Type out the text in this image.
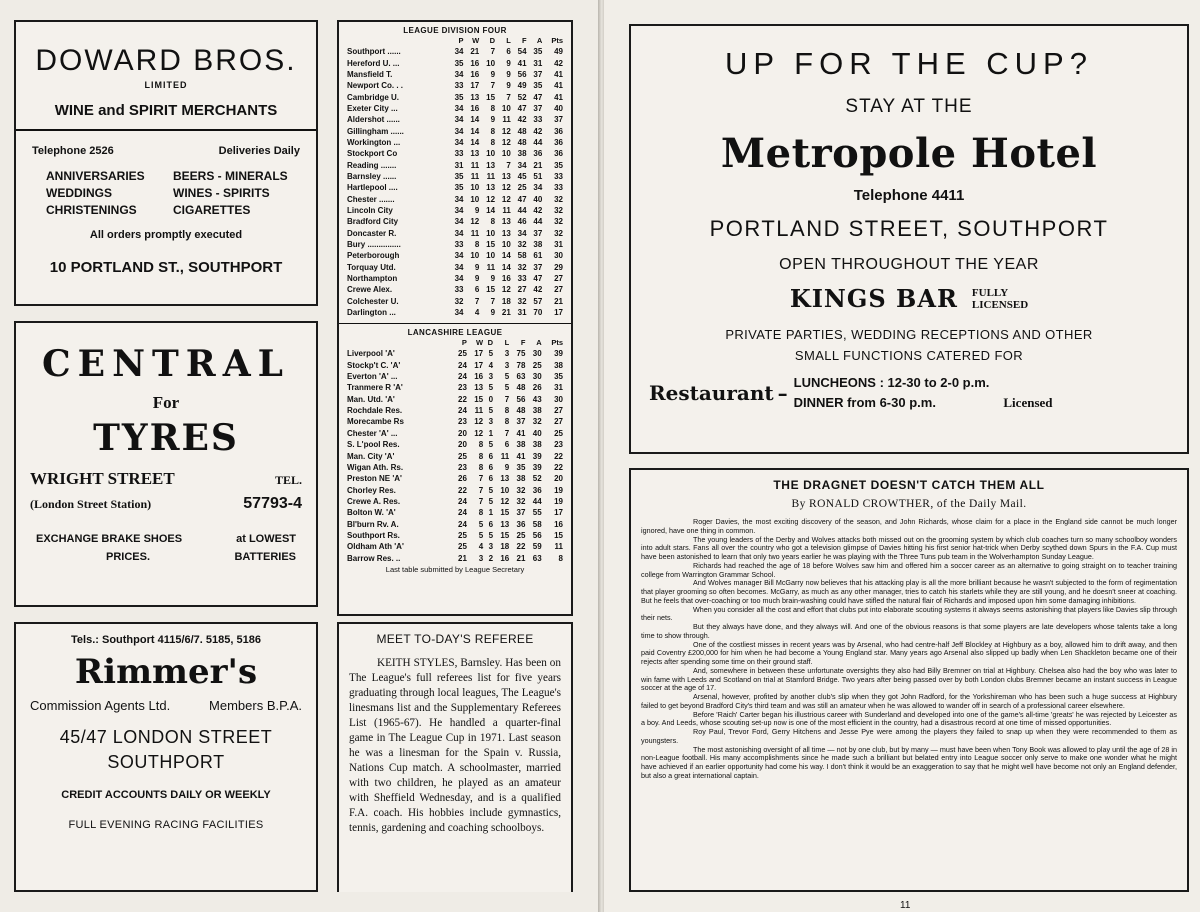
DOWARD BROS.
LIMITED
WINE and SPIRIT MERCHANTS
Telephone 2526	Deliveries Daily
ANNIVERSARIES	BEERS - MINERALS
WEDDINGS	WINES - SPIRITS
CHRISTENINGS	CIGARETTES
All orders promptly executed
10 PORTLAND ST., SOUTHPORT
CENTRAL
For
TYRES
WRIGHT STREET	TEL.
(London Street Station)	57793-4
EXCHANGE BRAKE SHOES	at LOWEST
PRICES.	BATTERIES
Tels.: Southport 4115/6/7. 5185, 5186
Rimmer's
Commission Agents Ltd.	Members B.P.A.
45/47 LONDON STREET
SOUTHPORT
CREDIT ACCOUNTS DAILY OR WEEKLY
FULL EVENING RACING FACILITIES
LEAGUE DIVISION FOUR
	P	W	D	L	F	A	Pts
Southport ......	34	21	7	6	54	35	49
Hereford U. ...	35	16	10	9	41	31	42
Mansfield T.	34	16	9	9	56	37	41
Newport Co. . .	33	17	7	9	49	35	41
Cambridge U.	35	13	15	7	52	47	41
Exeter City ...	34	16	8	10	47	37	40
Aldershot ......	34	14	9	11	42	33	37
Gillingham ......	34	14	8	12	48	42	36
Workington ...	34	14	8	12	48	44	36
Stockport Co	33	13	10	10	38	36	36
Reading .......	31	11	13	7	34	21	35
Barnsley ......	35	11	11	13	45	51	33
Hartlepool ....	35	10	13	12	25	34	33
Chester .......	34	10	12	12	47	40	32
Lincoln City	34	9	14	11	44	42	32
Bradford City	34	12	8	13	46	44	32
Doncaster R.	34	11	10	13	34	37	32
Bury ...............	33	8	15	10	32	38	31
Peterborough	34	10	10	14	58	61	30
Torquay Utd.	34	9	11	14	32	37	29
Northampton	34	9	9	16	33	47	27
Crewe Alex.	33	6	15	12	27	42	27
Colchester U.	32	7	7	18	32	57	21
Darlington ...	34	4	9	21	31	70	17
LANCASHIRE LEAGUE
	P	W	D	L	F	A	Pts
Liverpool 'A'	25	17	5	3	75	30	39
Stockp't C. 'A'	24	17	4	3	78	25	38
Everton 'A' ...	24	16	3	5	63	30	35
Tranmere R 'A'	23	13	5	5	48	26	31
Man. Utd. 'A'	22	15	0	7	56	43	30
Rochdale Res.	24	11	5	8	48	38	27
Morecambe Rs	23	12	3	8	37	32	27
Chester 'A' ...	20	12	1	7	41	40	25
S. L'pool Res.	20	8	5	6	38	38	23
Man. City 'A'	25	8	6	11	41	39	22
Wigan Ath. Rs.	23	8	6	9	35	39	22
Preston NE 'A'	26	7	6	13	38	52	20
Chorley Res.	22	7	5	10	32	36	19
Crewe A. Res.	24	7	5	12	32	44	19
Bolton W. 'A'	24	8	1	15	37	55	17
Bl'burn Rv. A.	24	5	6	13	36	58	16
Southport Rs.	25	5	5	15	25	56	15
Oldham Ath 'A'	25	4	3	18	22	59	11
Barrow Res. ..	21	3	2	16	21	63	8
Last table submitted by League Secretary
MEET TO-DAY'S REFEREE
KEITH STYLES, Barnsley. Has been on The League's full referees list for five years graduating through local leagues, The League's linesmans list and the Supplementary Referees List (1965-67). He handled a quarter-final game in The League Cup in 1971. Last season he was a linesman for the Spain v. Russia, Nations Cup match. A schoolmaster, married with two children, he played as an amateur with Sheffield Wednesday, and is a qualified F.A. coach. His hobbies include gymnastics, tennis, gardening and coaching schoolboys.
UP FOR THE CUP?
STAY AT THE
Metropole Hotel
Telephone 4411
PORTLAND STREET, SOUTHPORT
OPEN THROUGHOUT THE YEAR
KINGS BAR FULLY
LICENSED
PRIVATE PARTIES, WEDDING RECEPTIONS AND OTHER
SMALL FUNCTIONS CATERED FOR
Restaurant – LUNCHEONS : 12-30 to 2-0 p.m.
DINNER from 6-30 p.m.	Licensed
THE DRAGNET DOESN'T CATCH THEM ALL
By RONALD CROWTHER, of the Daily Mail.

Roger Davies, the most exciting discovery of the season, and John Richards, whose claim for a place in the England side cannot be much longer ignored, have one thing in common.

The young leaders of the Derby and Wolves attacks both missed out on the grooming system by which club coaches turn so many schoolboy wonders into adult stars. Fans all over the country who got a television glimpse of Davies hitting his first senior hat-trick when Derby scythed down Spurs in the F.A. Cup must have been astonished to learn that only two years earlier he was playing with the Three Tuns pub team in the Wolverhampton Sunday League.

Richards had reached the age of 18 before Wolves saw him and offered him a soccer career as an alternative to going straight on to teacher training college from Warrington Grammar School.

And Wolves manager Bill McGarry now believes that his attacking play is all the more brilliant because he wasn't subjected to the form of regimentation that player grooming so often becomes. McGarry, as much as any other manager, tries to catch his starlets while they are still young, and he doesn't sneer at coaching. But he feels that over-coaching or too much brain-washing could have stifled the natural flair of Richards and imposed upon him some damaging inhibitions.

When you consider all the cost and effort that clubs put into elaborate scouting systems it always seems astonishing that players like Davies slip through their nets.

But they always have done, and they always will. And one of the obvious reasons is that some players are late developers whose talents take a long time to show through.

One of the costliest misses in recent years was by Arsenal, who had centre-half Jeff Blockley at Highbury as a boy, allowed him to drift away, and then paid Coventry £200,000 for him when he had become a Young England star. Many years ago Arsenal also slipped up badly when Len Shackleton became one of their rejects after spending some time on their ground staff.

And, somewhere in between these unfortunate oversights they also had Billy Bremner on trial at Highbury. Chelsea also had the boy who was later to win fame with Leeds and Scotland on trial at Stamford Bridge. Two years after being passed over by both London clubs Bremner became an instant success in League soccer at the age of 17.

Arsenal, however, profited by another club's slip when they got John Radford, for the Yorkshireman who has been such a huge success at Highbury failed to get beyond Bradford City's third team and was still an amateur when he was allowed to wander off in search of a professional career elsewhere.

Before 'Raich' Carter began his illustrious career with Sunderland and developed into one of the game's all-time 'greats' he was rejected by Leicester as a boy. And Leeds, whose scouting set-up now is one of the most efficient in the country, had a disastrous record at one time of missed opportunities.

Roy Paul, Trevor Ford, Gerry Hitchens and Jesse Pye were among the players they failed to snap up when they were recommended to them as youngsters.

The most astonishing oversight of all time — not by one club, but by many — must have been when Tony Book was allowed to play until the age of 28 in non-League football. His many accomplishments since he made such a brilliant but belated entry into League soccer only serve to make one wonder what he might have achieved if an earlier opportunity had come his way. I don't think it would be an exaggeration to say that he might well have become not only an England defender, but also a great international captain.

11
